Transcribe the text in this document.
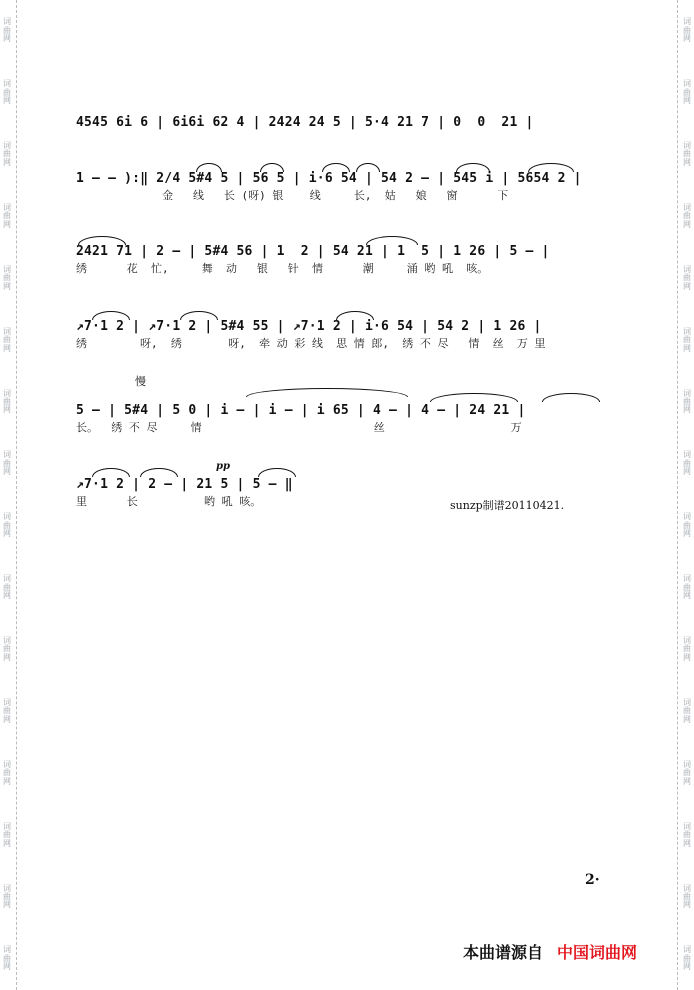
词
曲
网
词
曲
网
词
曲
网
词
曲
网
词
曲
网
词
曲
网
词
曲
网
词
曲
网
词
曲
网
词
曲
网
词
曲
网
词
曲
网
词
曲
网
词
曲
网
词
曲
网
词
曲
网
词
曲
网
词
曲
网
词
曲
网
词
曲
网
词
曲
网
词
曲
网
词
曲
网
词
曲
网
词
曲
网
词
曲
网
词
曲
网
词
曲
网
词
曲
网
词
曲
网
词
曲
网
词
曲
网
4545 6i 6 | 6i6i 62 4 | 2424 24 5 | 5·4 21 7 | 0  0  21 |
1 – – ):‖ 2/4 5#4 5 | 56 5 | i·6 54 | 54 2 – | 545 i | 5654 2 |
金   线   长 (呀) 银    线     长,  姑   娘   窗      下
2421 71 | 2 – | 5#4 56 | 1  2 | 54 21 | 1  5 | 1 26 | 5 – |
绣      花  忙,     舞  动   银   针  情      潮     涌 哟 吼  咳。
↗7·1 2 | ↗7·1 2 | 5#4 55 | ↗7·1 2 | i·6 54 | 54 2 | 1 26 |
绣        呀,  绣       呀,  牵 动 彩 线  思 情 郎,  绣 不 尽   情  丝  万 里
慢
5 – | 5#4 | 5 0 | i – | i – | i 65 | 4 – | 4 – | 24 21 |
长。  绣 不 尽     情                          丝                   万
pp
↗7·1 2 | 2 – | 21 5 | 5 – ‖
里      长          哟 吼 咳。	sunzp制谱20110421.
2·
本曲谱源自 中国词曲网
